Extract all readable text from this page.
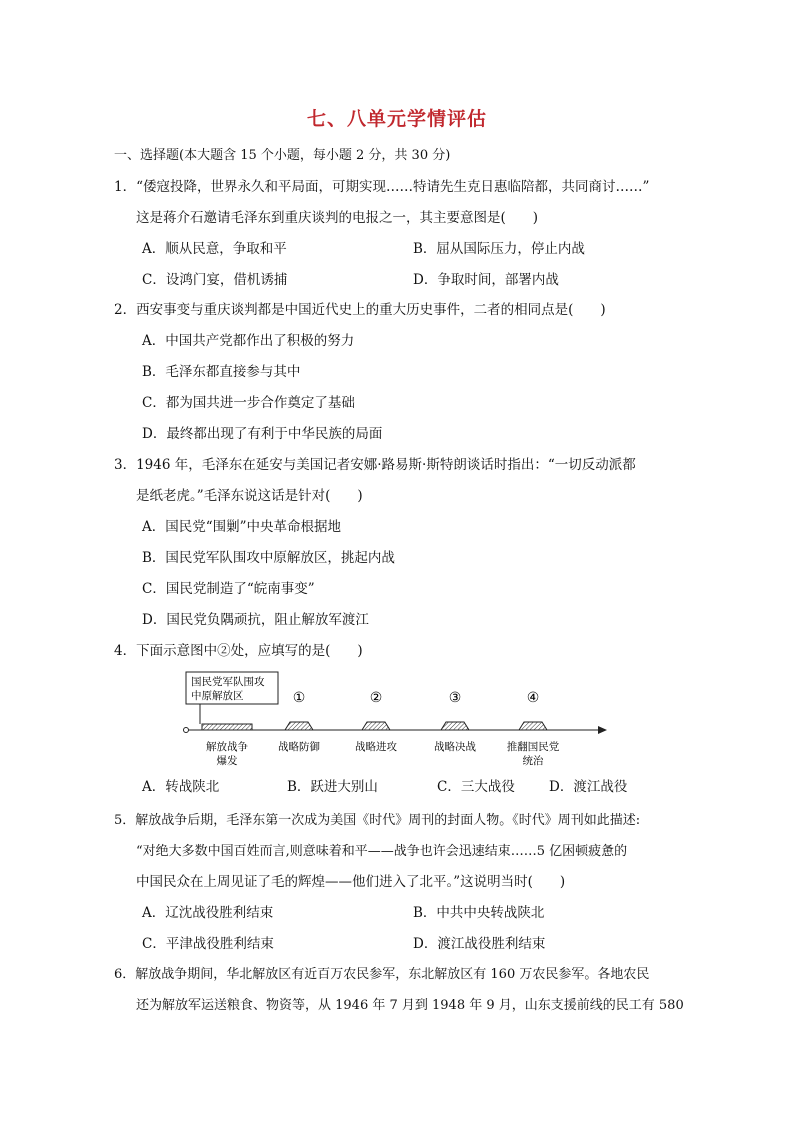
七、八单元学情评估
一、选择题(本大题含 15 个小题，每小题 2 分，共 30 分)
1．“倭寇投降，世界永久和平局面，可期实现……特请先生克日惠临陪都，共同商讨……”
这是蒋介石邀请毛泽东到重庆谈判的电报之一，其主要意图是(　　)
A．顺从民意，争取和平	B．屈从国际压力，停止内战
C．设鸿门宴，借机诱捕	D．争取时间，部署内战
2．西安事变与重庆谈判都是中国近代史上的重大历史事件，二者的相同点是(　　)
A．中国共产党都作出了积极的努力
B．毛泽东都直接参与其中
C．都为国共进一步合作奠定了基础
D．最终都出现了有利于中华民族的局面
3．1946 年，毛泽东在延安与美国记者安娜·路易斯·斯特朗谈话时指出：“一切反动派都
是纸老虎。”毛泽东说这话是针对(　　)
A．国民党“围剿”中央革命根据地
B．国民党军队围攻中原解放区，挑起内战
C．国民党制造了“皖南事变”
D．国民党负隅顽抗，阻止解放军渡江
4．下面示意图中②处，应填写的是(　　)
国民党军队围攻
中原解放区	①	②	③	④
解放战争
爆发
战略防御	战略进攻	战略决战	推翻国民党
统治
A．转战陕北	B．跃进大别山	C．三大战役	D．渡江战役
5．解放战争后期，毛泽东第一次成为美国《时代》周刊的封面人物。《时代》周刊如此描述:
“对绝大多数中国百姓而言,则意味着和平——战争也许会迅速结束……5 亿困顿疲惫的
中国民众在上周见证了毛的辉煌——他们进入了北平。”这说明当时(　　)
A．辽沈战役胜利结束	B．中共中央转战陕北
C．平津战役胜利结束	D．渡江战役胜利结束
6．解放战争期间，华北解放区有近百万农民参军，东北解放区有 160 万农民参军。各地农民
还为解放军运送粮食、物资等，从 1946 年 7 月到 1948 年 9 月，山东支援前线的民工有 580
